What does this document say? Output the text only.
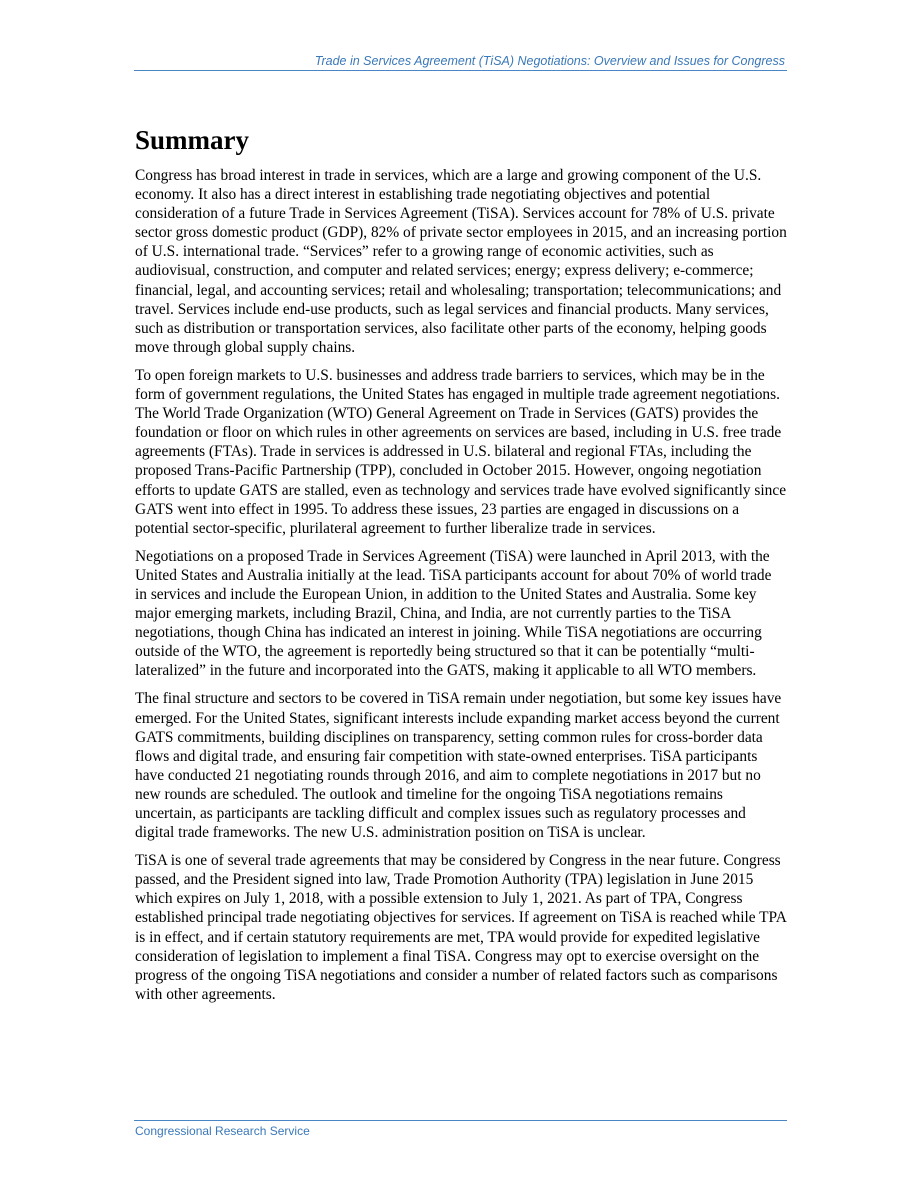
Trade in Services Agreement (TiSA) Negotiations: Overview and Issues for Congress
Summary

Congress has broad interest in trade in services, which are a large and growing component of the U.S. economy. It also has a direct interest in establishing trade negotiating objectives and potential consideration of a future Trade in Services Agreement (TiSA). Services account for 78% of U.S. private sector gross domestic product (GDP), 82% of private sector employees in 2015, and an increasing portion of U.S. international trade. “Services” refer to a growing range of economic activities, such as audiovisual, construction, and computer and related services; energy; express delivery; e-commerce; financial, legal, and accounting services; retail and wholesaling; transportation; telecommunications; and travel. Services include end-use products, such as legal services and financial products. Many services, such as distribution or transportation services, also facilitate other parts of the economy, helping goods move through global supply chains.

To open foreign markets to U.S. businesses and address trade barriers to services, which may be in the form of government regulations, the United States has engaged in multiple trade agreement negotiations. The World Trade Organization (WTO) General Agreement on Trade in Services (GATS) provides the foundation or floor on which rules in other agreements on services are based, including in U.S. free trade agreements (FTAs). Trade in services is addressed in U.S. bilateral and regional FTAs, including the proposed Trans-Pacific Partnership (TPP), concluded in October 2015. However, ongoing negotiation efforts to update GATS are stalled, even as technology and services trade have evolved significantly since GATS went into effect in 1995. To address these issues, 23 parties are engaged in discussions on a potential sector-specific, plurilateral agreement to further liberalize trade in services.

Negotiations on a proposed Trade in Services Agreement (TiSA) were launched in April 2013, with the United States and Australia initially at the lead. TiSA participants account for about 70% of world trade in services and include the European Union, in addition to the United States and Australia. Some key major emerging markets, including Brazil, China, and India, are not currently parties to the TiSA negotiations, though China has indicated an interest in joining. While TiSA negotiations are occurring outside of the WTO, the agreement is reportedly being structured so that it can be potentially “multi-lateralized” in the future and incorporated into the GATS, making it applicable to all WTO members.

The final structure and sectors to be covered in TiSA remain under negotiation, but some key issues have emerged. For the United States, significant interests include expanding market access beyond the current GATS commitments, building disciplines on transparency, setting common rules for cross-border data flows and digital trade, and ensuring fair competition with state-owned enterprises. TiSA participants have conducted 21 negotiating rounds through 2016, and aim to complete negotiations in 2017 but no new rounds are scheduled. The outlook and timeline for the ongoing TiSA negotiations remains uncertain, as participants are tackling difficult and complex issues such as regulatory processes and digital trade frameworks. The new U.S. administration position on TiSA is unclear.

TiSA is one of several trade agreements that may be considered by Congress in the near future. Congress passed, and the President signed into law, Trade Promotion Authority (TPA) legislation in June 2015 which expires on July 1, 2018, with a possible extension to July 1, 2021. As part of TPA, Congress established principal trade negotiating objectives for services. If agreement on TiSA is reached while TPA is in effect, and if certain statutory requirements are met, TPA would provide for expedited legislative consideration of legislation to implement a final TiSA. Congress may opt to exercise oversight on the progress of the ongoing TiSA negotiations and consider a number of related factors such as comparisons with other agreements.

Congressional Research Service
